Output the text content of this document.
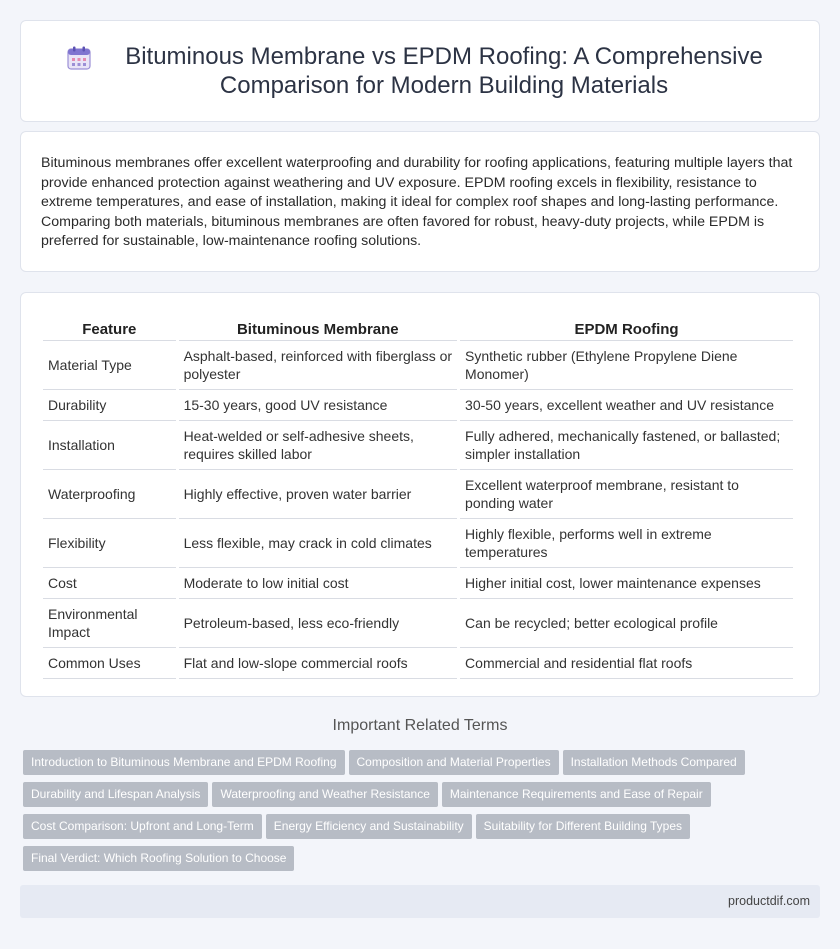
Bituminous Membrane vs EPDM Roofing: A Comprehensive Comparison for Modern Building Materials

Bituminous membranes offer excellent waterproofing and durability for roofing applications, featuring multiple layers that provide enhanced protection against weathering and UV exposure. EPDM roofing excels in flexibility, resistance to extreme temperatures, and ease of installation, making it ideal for complex roof shapes and long-lasting performance. Comparing both materials, bituminous membranes are often favored for robust, heavy-duty projects, while EPDM is preferred for sustainable, low-maintenance roofing solutions.

Feature	Bituminous Membrane	EPDM Roofing
Material Type	Asphalt-based, reinforced with fiberglass or polyester	Synthetic rubber (Ethylene Propylene Diene Monomer)
Durability	15-30 years, good UV resistance	30-50 years, excellent weather and UV resistance
Installation	Heat-welded or self-adhesive sheets, requires skilled labor	Fully adhered, mechanically fastened, or ballasted; simpler installation
Waterproofing	Highly effective, proven water barrier	Excellent waterproof membrane, resistant to ponding water
Flexibility	Less flexible, may crack in cold climates	Highly flexible, performs well in extreme temperatures
Cost	Moderate to low initial cost	Higher initial cost, lower maintenance expenses
Environmental Impact	Petroleum-based, less eco-friendly	Can be recycled; better ecological profile
Common Uses	Flat and low-slope commercial roofs	Commercial and residential flat roofs
Important Related Terms
Introduction to Bituminous Membrane and EPDM Roofing Composition and Material Properties Installation Methods Compared
Durability and Lifespan Analysis Waterproofing and Weather Resistance Maintenance Requirements and Ease of Repair
Cost Comparison: Upfront and Long-Term Energy Efficiency and Sustainability Suitability for Different Building Types
Final Verdict: Which Roofing Solution to Choose
productdif.com
